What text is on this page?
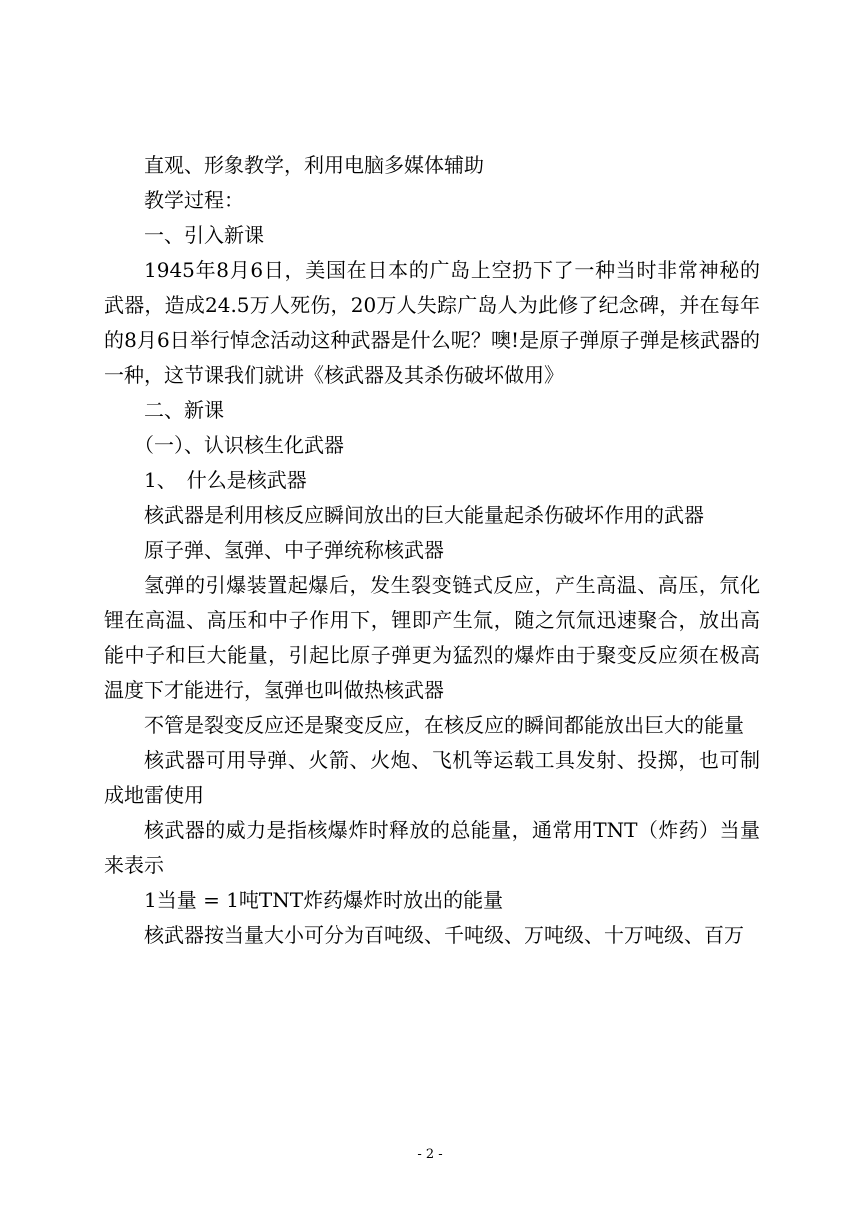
直观、形象教学，利用电脑多媒体辅助

教学过程：

一、引入新课

1945年8月6日，美国在日本的广岛上空扔下了一种当时非常神秘的武器，造成24.5万人死伤，20万人失踪广岛人为此修了纪念碑，并在每年的8月6日举行悼念活动这种武器是什么呢？噢!是原子弹原子弹是核武器的一种，这节课我们就讲《核武器及其杀伤破坏做用》

二、新课

（一）、认识核生化武器

1、　什么是核武器

核武器是利用核反应瞬间放出的巨大能量起杀伤破坏作用的武器

原子弹、氢弹、中子弹统称核武器

氢弹的引爆装置起爆后，发生裂变链式反应，产生高温、高压，氘化锂在高温、高压和中子作用下，锂即产生氚，随之氘氚迅速聚合，放出高能中子和巨大能量，引起比原子弹更为猛烈的爆炸由于聚变反应须在极高温度下才能进行，氢弹也叫做热核武器

不管是裂变反应还是聚变反应，在核反应的瞬间都能放出巨大的能量

核武器可用导弹、火箭、火炮、飞机等运载工具发射、投掷，也可制成地雷使用

核武器的威力是指核爆炸时释放的总能量，通常用TNT（炸药）当量来表示

1当量 = 1吨TNT炸药爆炸时放出的能量

核武器按当量大小可分为百吨级、千吨级、万吨级、十万吨级、百万

- 2 -
